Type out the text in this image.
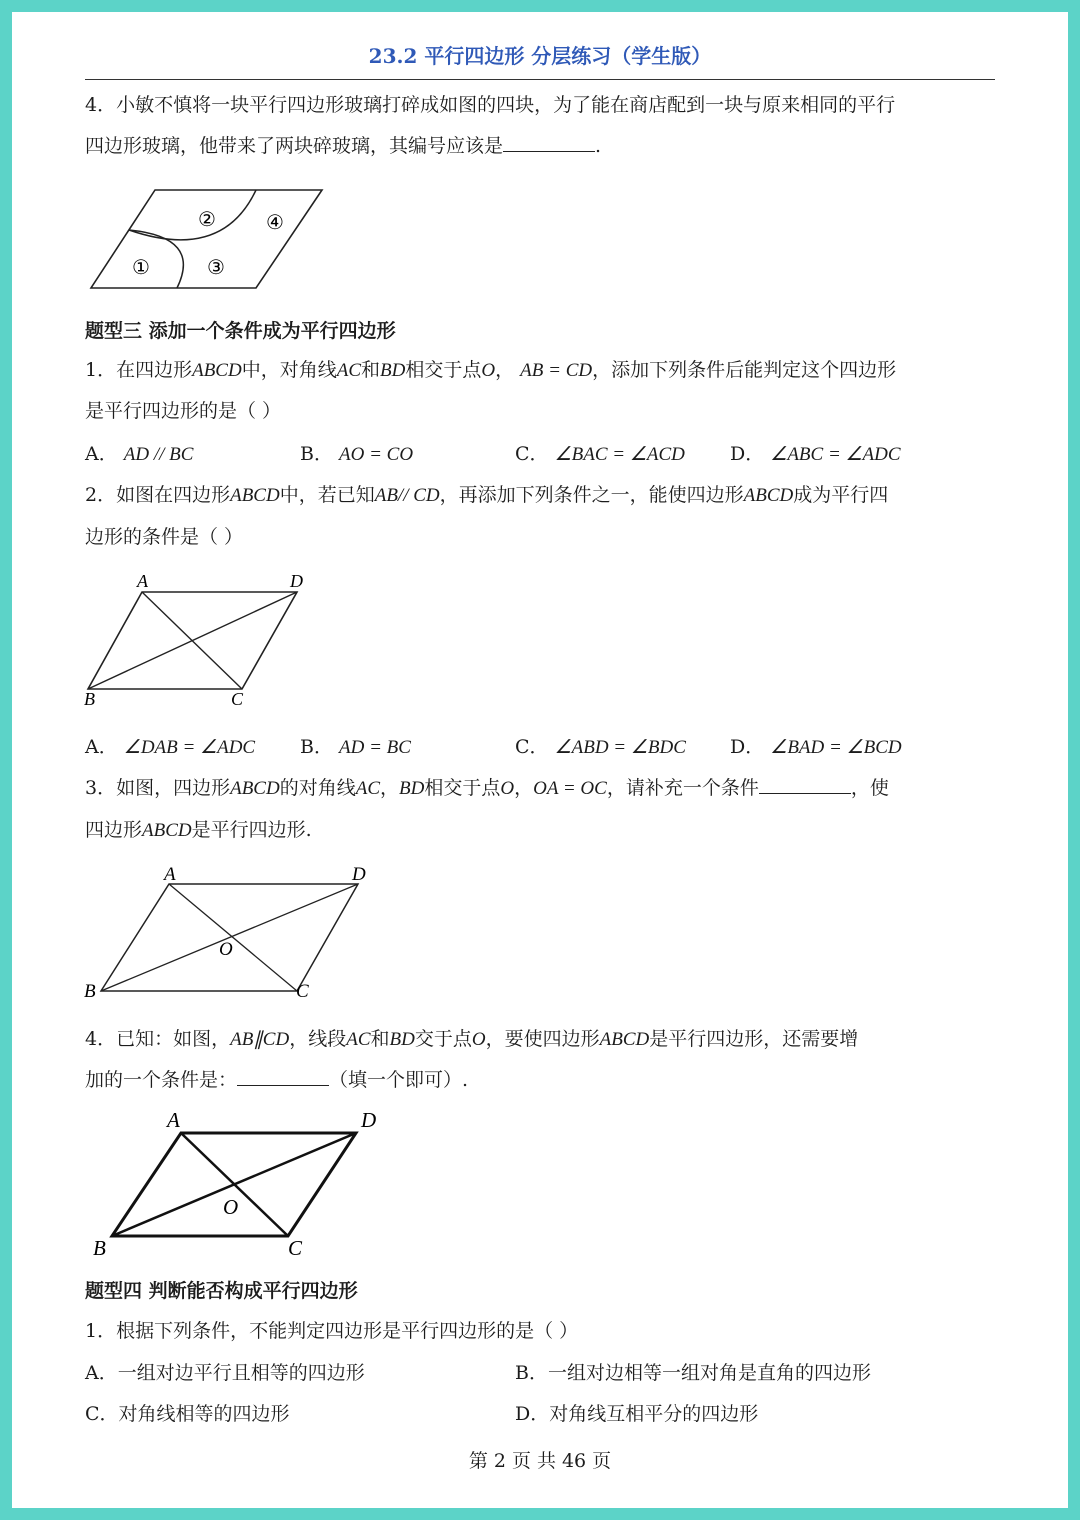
23.2 平行四边形 分层练习（学生版）
4．小敏不慎将一块平行四边形玻璃打碎成如图的四块，为了能在商店配到一块与原来相同的平行
四边形玻璃，他带来了两块碎玻璃，其编号应该是	.
②	④
①	③
题型三 添加一个条件成为平行四边形
1．在四边形ABCD中，对角线AC和BD相交于点O， AB = CD，添加下列条件后能判定这个四边形
是平行四边形的是（ ）
A． AD // BC	B． AO = CO	C． ∠BAC = ∠ACD D． ∠ABC = ∠ADC
2．如图在四边形ABCD中，若已知AB// CD，再添加下列条件之一，能使四边形ABCD成为平行四
边形的条件是（ ）
A	D
B	C
A． ∠DAB = ∠ADC B． AD = BC	C． ∠ABD = ∠BDC D． ∠BAD = ∠BCD
3．如图，四边形ABCD的对角线AC，BD相交于点O，OA = OC，请补充一个条件	，使
四边形ABCD是平行四边形.
A	D
B	C
O
4．已知：如图，AB∥CD，线段AC和BD交于点O，要使四边形ABCD是平行四边形，还需要增
加的一个条件是：	（填一个即可）.
A	D
B	C
O
题型四 判断能否构成平行四边形
1．根据下列条件，不能判定四边形是平行四边形的是（ ）
A．一组对边平行且相等的四边形	B．一组对边相等一组对角是直角的四边形
C．对角线相等的四边形	D．对角线互相平分的四边形
第 2 页 共 46 页
